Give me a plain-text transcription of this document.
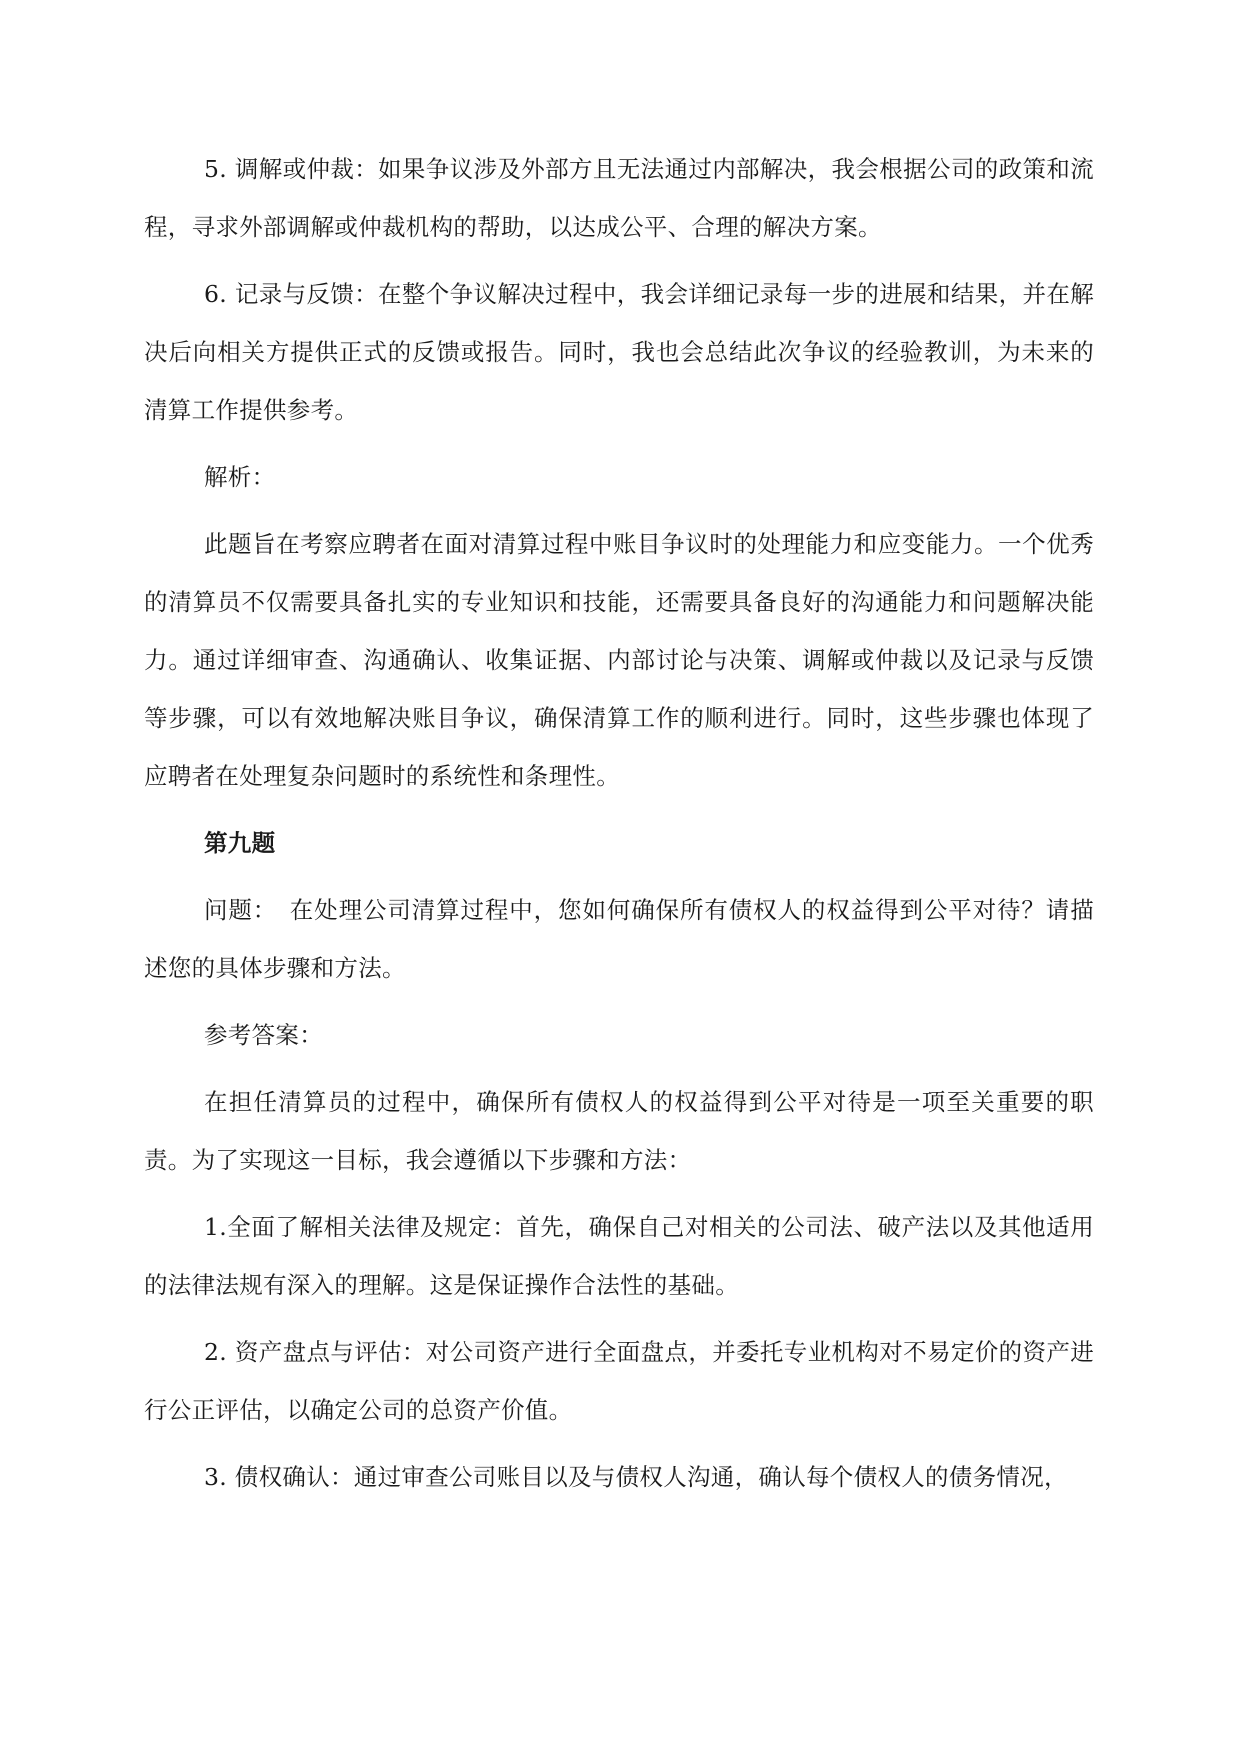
5. 调解或仲裁：如果争议涉及外部方且无法通过内部解决，我会根据公司的政策和流程，寻求外部调解或仲裁机构的帮助，以达成公平、合理的解决方案。

6. 记录与反馈：在整个争议解决过程中，我会详细记录每一步的进展和结果，并在解决后向相关方提供正式的反馈或报告。同时，我也会总结此次争议的经验教训，为未来的清算工作提供参考。

解析：

此题旨在考察应聘者在面对清算过程中账目争议时的处理能力和应变能力。一个优秀的清算员不仅需要具备扎实的专业知识和技能，还需要具备良好的沟通能力和问题解决能力。通过详细审查、沟通确认、收集证据、内部讨论与决策、调解或仲裁以及记录与反馈等步骤，可以有效地解决账目争议，确保清算工作的顺利进行。同时，这些步骤也体现了应聘者在处理复杂问题时的系统性和条理性。

第九题

问题：　在处理公司清算过程中，您如何确保所有债权人的权益得到公平对待？请描述您的具体步骤和方法。

参考答案：

在担任清算员的过程中，确保所有债权人的权益得到公平对待是一项至关重要的职责。为了实现这一目标，我会遵循以下步骤和方法：

1.全面了解相关法律及规定：首先，确保自己对相关的公司法、破产法以及其他适用的法律法规有深入的理解。这是保证操作合法性的基础。

2. 资产盘点与评估：对公司资产进行全面盘点，并委托专业机构对不易定价的资产进行公正评估，以确定公司的总资产价值。

3. 债权确认：通过审查公司账目以及与债权人沟通，确认每个债权人的债务情况，
